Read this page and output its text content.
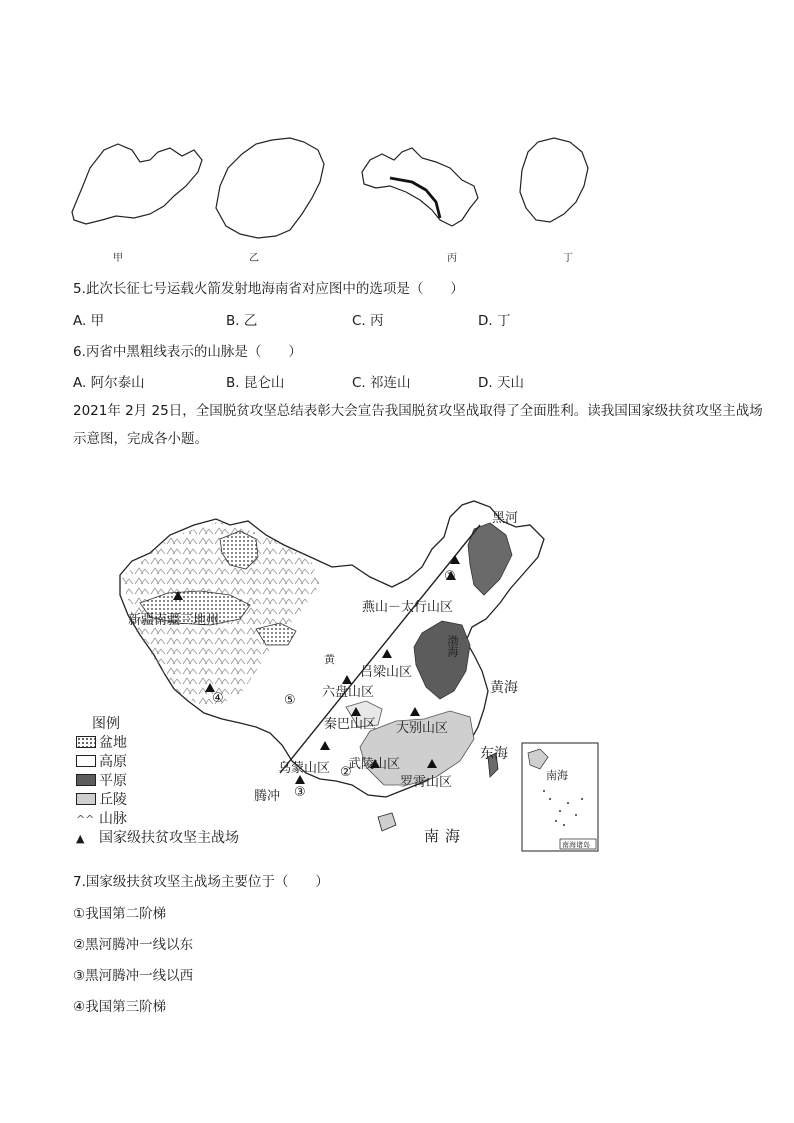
甲	乙	丙	丁
5.此次长征七号运载火箭发射地海南省对应图中的选项是（　　）
A. 甲	B. 乙	C. 丙	D. 丁
6.丙省中黑粗线表示的山脉是（　　）
A. 阿尔泰山	B. 昆仑山	C. 祁连山	D. 天山
2021年 2月 25日，全国脱贫攻坚总结表彰大会宣告我国脱贫攻坚战取得了全面胜利。读我国国家级扶贫攻坚主战场示意图，完成各小题。
黑河
燕山－太行山区
新疆南疆三地州
渤海
黄
吕梁山区
黄海
六盘山区
④	⑤
①
秦巴山区 大别山区
东海
乌蒙山区 武陵山区
②
罗霄山区
腾冲 ③
南海
南海
南海诸岛
图例
盆地
高原
平原
丘陵
^^ 山脉
▲ 国家级扶贫攻坚主战场
7.国家级扶贫攻坚主战场主要位于（　　）
①我国第二阶梯
②黑河腾冲一线以东
③黑河腾冲一线以西
④我国第三阶梯
